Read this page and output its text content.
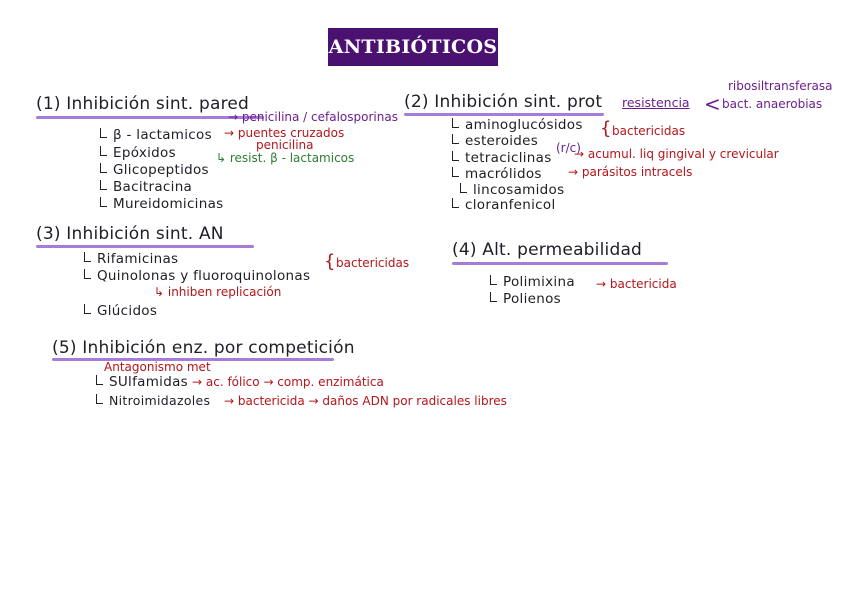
ANTIBIÓTICOS
(1) Inhibición sint. pared
→ penicilina / cefalosporinas
β - lactamicos → puentes cruzados
penicilina
Epóxidos	↳ resist. β - lactamicos
Glicopeptidos
Bacitracina
Mureidomicinas
(2) Inhibición sint. prot resistencia <
ribosiltransferasa
bact. anaerobias
aminoglucósidos
esteroides
{ bactericidas
(r/c)
tetraciclinas → acumul. liq gingival y crevicular
macrólidos → parásitos intracels
lincosamidos
cloranfenicol
(3) Inhibición sint. AN
Rifamicinas
Quinolonas y fluoroquinolonas
{ bactericidas
↳ inhiben replicación
Glúcidos
(4) Alt. permeabilidad
Polimixina → bactericida
Polienos
(5) Inhibición enz. por competición
Antagonismo met
SUlfamidas → ac. fólico → comp. enzimática
Nitroimidazoles → bactericida → daños ADN por radicales libres
